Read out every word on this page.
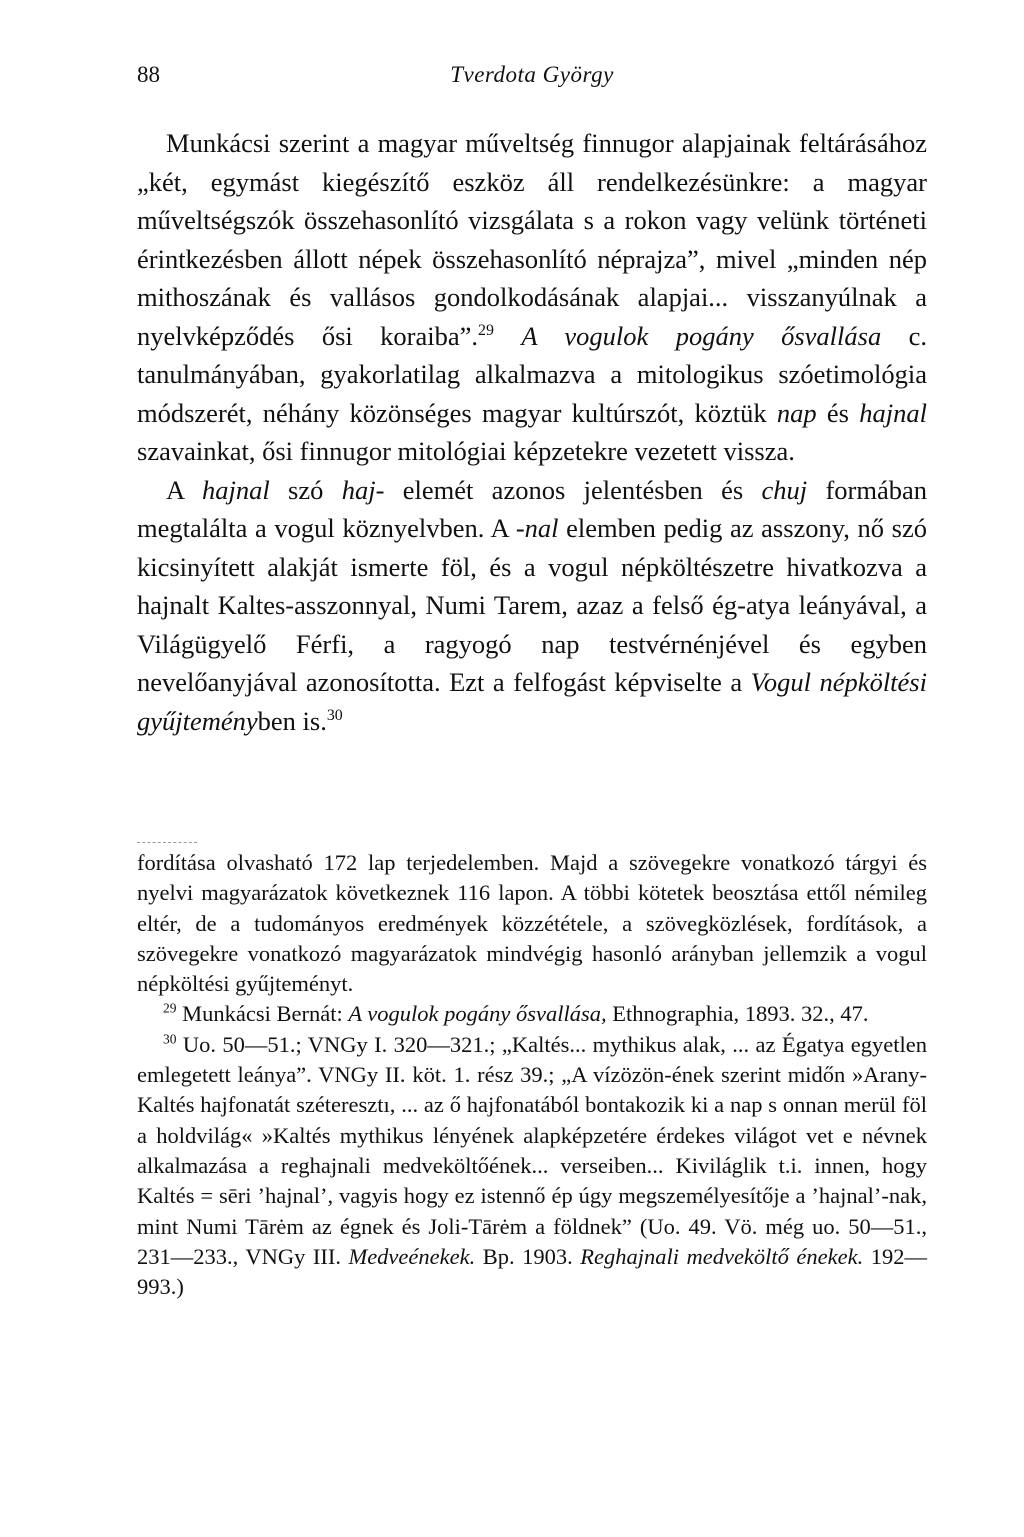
88	Tverdota György

Munkácsi szerint a magyar műveltség finnugor alapjainak feltárásához „két, egymást kiegészítő eszköz áll rendelkezésünkre: a magyar műveltségszók összehasonlító vizsgálata s a rokon vagy velünk történeti érintkezésben állott népek összehasonlító néprajza”, mivel „minden nép mithoszának és vallásos gondolkodásának alapjai... visszanyúlnak a nyelvképződés ősi koraiba”.$^{29}$ A vogulok pogány ősvallása c. tanulmányában, gyakorlatilag alkalmazva a mitologikus szóetimológia módszerét, néhány közönséges magyar kultúrszót, köztük nap és hajnal szavainkat, ősi finnugor mitológiai képzetekre vezetett vissza.

A hajnal szó haj- elemét azonos jelentésben és chuj formában megtalálta a vogul köznyelvben. A -nal elemben pedig az asszony, nő szó kicsinyített alakját ismerte föl, és a vogul népköltészetre hivatkozva a hajnalt Kaltes-asszonnyal, Numi Tarem, azaz a felső ég-atya leányával, a Világügyelő Férfi, a ragyogó nap testvérnénjével és egyben nevelőanyjával azonosította. Ezt a felfogást képviselte a Vogul népköltési gyűjteményben is.$^{30}$

fordítása olvasható 172 lap terjedelemben. Majd a szövegekre vonatkozó tárgyi és nyelvi magyarázatok következnek 116 lapon. A többi kötetek beosztása ettől némileg eltér, de a tudományos eredmények közzététele, a szövegközlések, fordítások, a szövegekre vonatkozó magyarázatok mindvégig hasonló arányban jellemzik a vogul népköltési gyűjteményt.

$^{29}$ Munkácsi Bernát: A vogulok pogány ősvallása, Ethnographia, 1893. 32., 47.

$^{30}$ Uo. 50—51.; VNGy I. 320—321.; „Kaltés... mythikus alak, ... az Égatya egyetlen emlegetett leánya”. VNGy II. köt. 1. rész 39.; „A vízözön-ének szerint midőn »Arany-Kaltés hajfonatát széteresztı, ... az ő hajfonatából bontakozik ki a nap s onnan merül föl a holdvilág« »Kaltés mythikus lényének alapképzetére érdekes világot vet e névnek alkalmazása a reghajnali medveköltőének... verseiben... Kiviláglik t.i. innen, hogy Kaltés = sēri ’hajnal’, vagyis hogy ez istennő ép úgy megszemélyesítője a ’hajnal’-nak, mint Numi Tārėm az égnek és Joli-Tārėm a földnek” (Uo. 49. Vö. még uo. 50—51., 231—233., VNGy III. Medveénekek. Bp. 1903. Reghajnali medveköltő énekek. 192—993.)
